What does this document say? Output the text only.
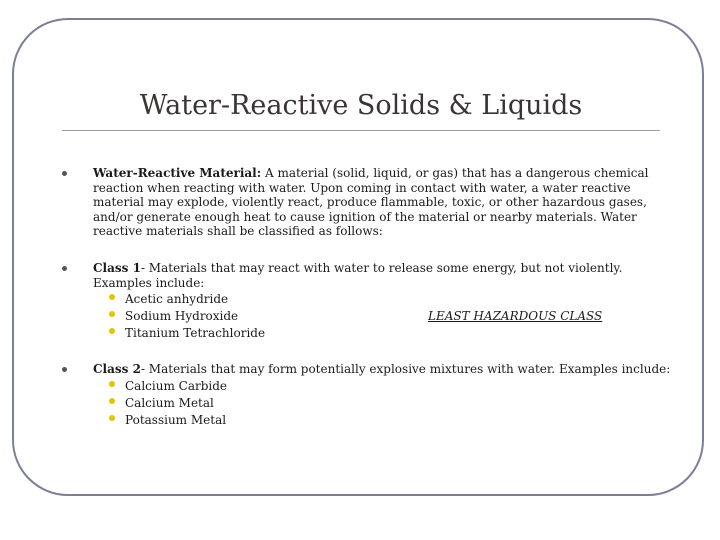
Water-Reactive Solids & Liquids
Water-Reactive Material: A material (solid, liquid, or gas) that has a dangerous chemical reaction when reacting with water. Upon coming in contact with water, a water reactive material may explode, violently react, produce flammable, toxic, or other hazardous gases, and/or generate enough heat to cause ignition of the material or nearby materials. Water reactive materials shall be classified as follows:
Class 1- Materials that may react with water to release some energy, but not violently. Examples include:
Acetic anhydride
Sodium Hydroxide
Titanium Tetrachloride
LEAST HAZARDOUS CLASS
Class 2- Materials that may form potentially explosive mixtures with water. Examples include:
Calcium Carbide
Calcium Metal
Potassium Metal
